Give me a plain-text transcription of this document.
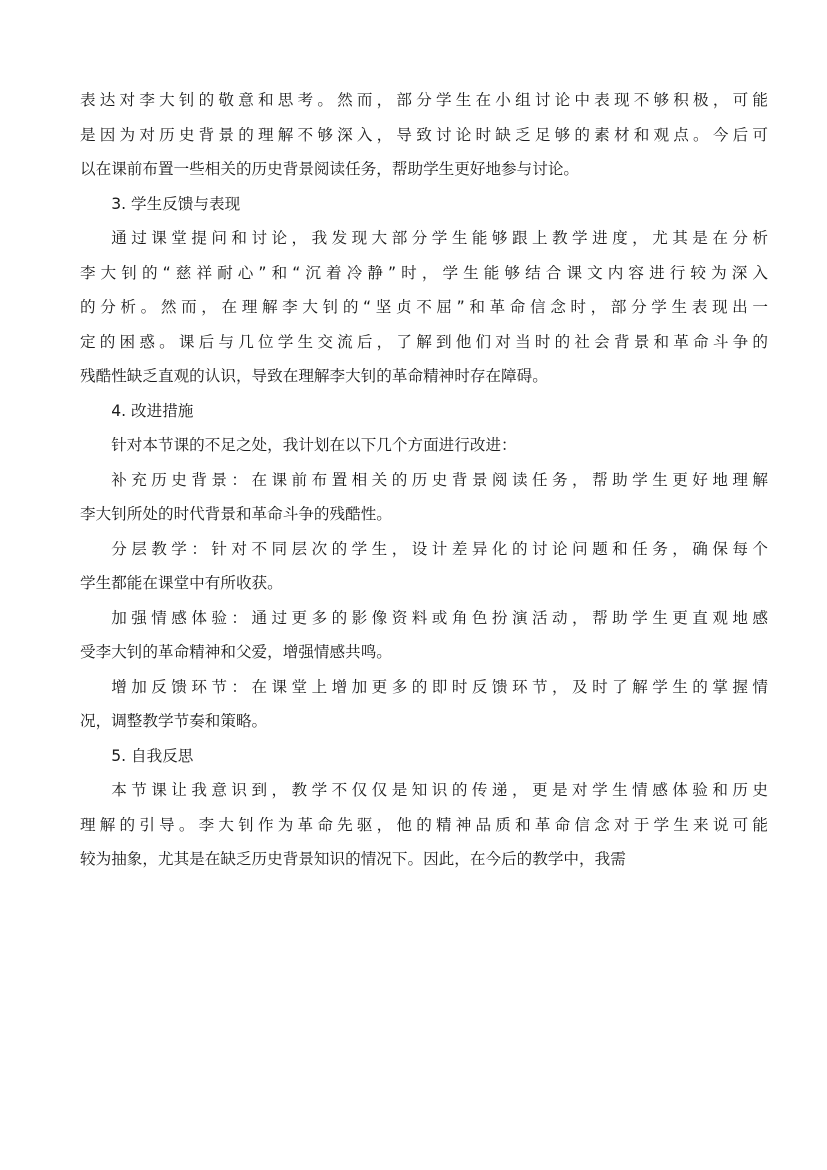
表达对李大钊的敬意和思考。然而，部分学生在小组讨论中表现不够积极，可能
是因为对历史背景的理解不够深入，导致讨论时缺乏足够的素材和观点。今后可
以在课前布置一些相关的历史背景阅读任务，帮助学生更好地参与讨论。
3. 学生反馈与表现
通过课堂提问和讨论，我发现大部分学生能够跟上教学进度，尤其是在分析
李大钊的“慈祥耐心”和“沉着冷静”时，学生能够结合课文内容进行较为深入
的分析。然而，在理解李大钊的“坚贞不屈”和革命信念时，部分学生表现出一
定的困惑。课后与几位学生交流后，了解到他们对当时的社会背景和革命斗争的
残酷性缺乏直观的认识，导致在理解李大钊的革命精神时存在障碍。
4. 改进措施
针对本节课的不足之处，我计划在以下几个方面进行改进：
补充历史背景：在课前布置相关的历史背景阅读任务，帮助学生更好地理解
李大钊所处的时代背景和革命斗争的残酷性。
分层教学：针对不同层次的学生，设计差异化的讨论问题和任务，确保每个
学生都能在课堂中有所收获。
加强情感体验：通过更多的影像资料或角色扮演活动，帮助学生更直观地感
受李大钊的革命精神和父爱，增强情感共鸣。
增加反馈环节：在课堂上增加更多的即时反馈环节，及时了解学生的掌握情
况，调整教学节奏和策略。
5. 自我反思
本节课让我意识到，教学不仅仅是知识的传递，更是对学生情感体验和历史
理解的引导。李大钊作为革命先驱，他的精神品质和革命信念对于学生来说可能
较为抽象，尤其是在缺乏历史背景知识的情况下。因此，在今后的教学中，我需
